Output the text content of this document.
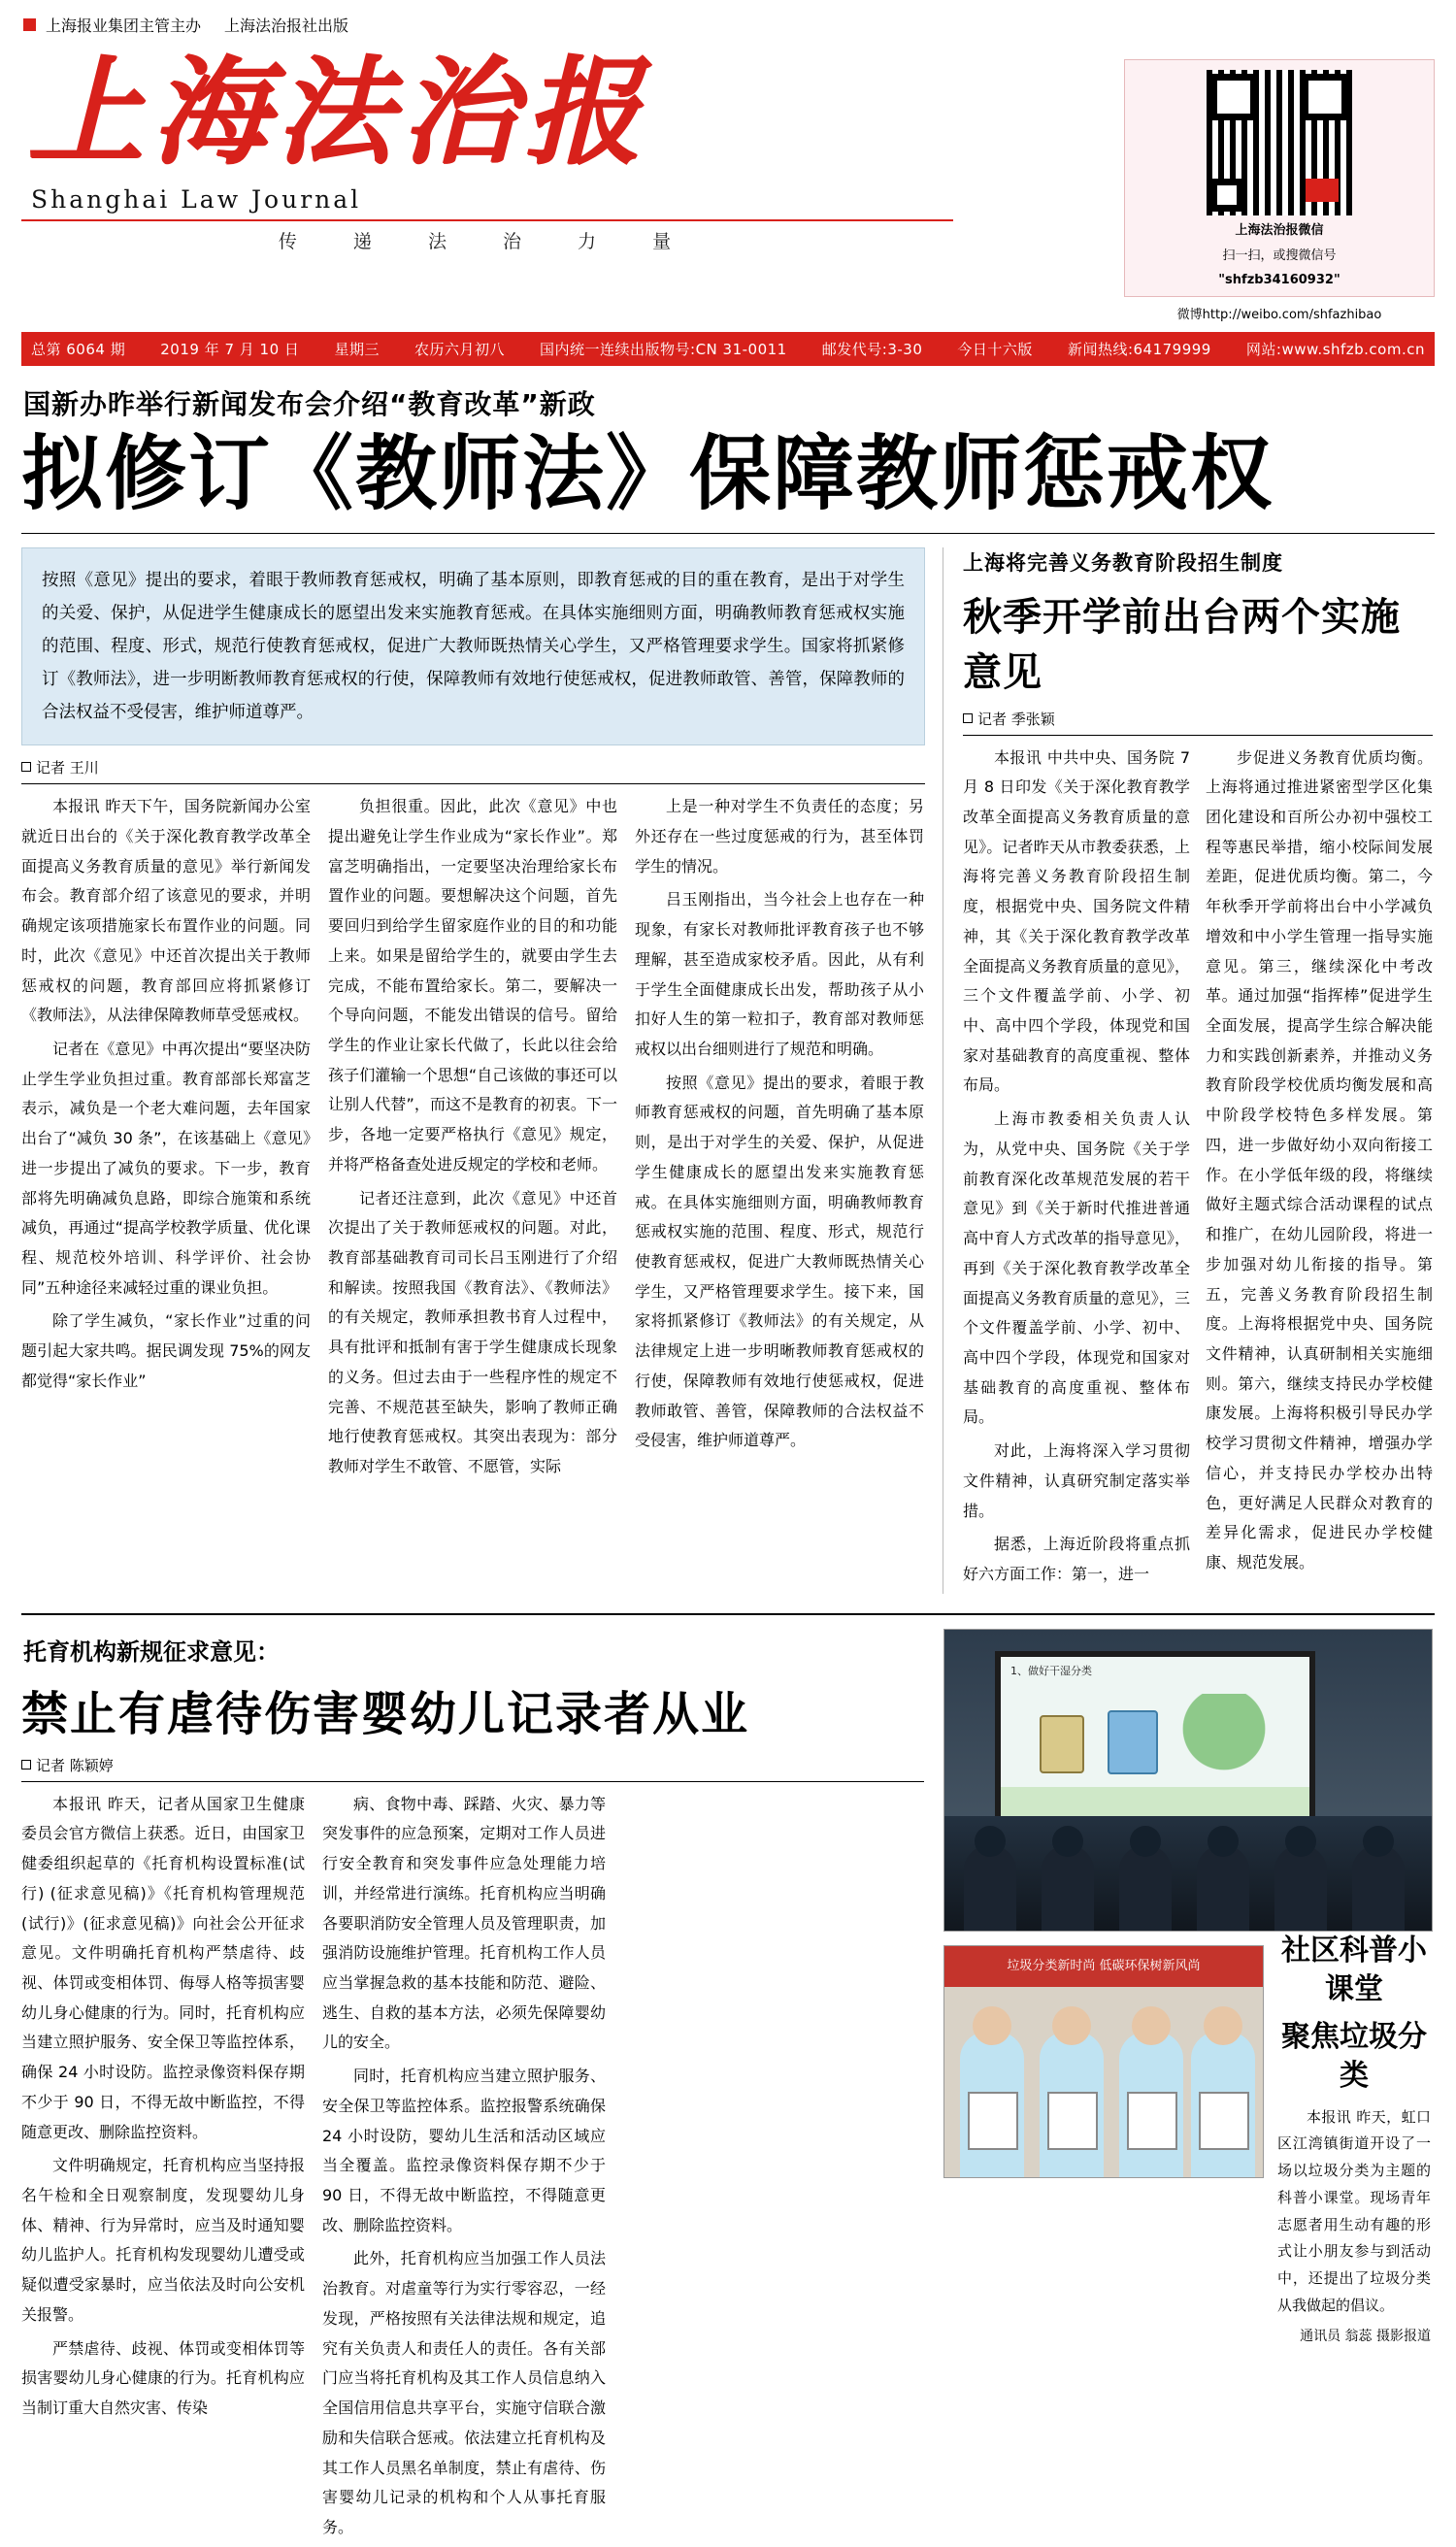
上海报业集团主管主办 上海法治报社出版
上海法治报
Shanghai Law Journal
传 递 法 治 力 量
上海法治报微信
扫一扫，或搜微信号
"shfzb34160932"
微博http://weibo.com/shfazhibao
总第 6064 期 2019 年 7 月 10 日 星期三 农历六月初八 国内统一连续出版物号:CN 31-0011 邮发代号:3-30 今日十六版 新闻热线:64179999 网站:www.shfzb.com.cn
国新办昨举行新闻发布会介绍“教育改革”新政
拟修订《教师法》保障教师惩戒权
按照《意见》提出的要求，着眼于教师教育惩戒权，明确了基本原则，即教育惩戒的目的重在教育，是出于对学生的关爱、保护，从促进学生健康成长的愿望出发来实施教育惩戒。在具体实施细则方面，明确教师教育惩戒权实施的范围、程度、形式，规范行使教育惩戒权，促进广大教师既热情关心学生，又严格管理要求学生。国家将抓紧修订《教师法》，进一步明断教师教育惩戒权的行使，保障教师有效地行使惩戒权，促进教师敢管、善管，保障教师的合法权益不受侵害，维护师道尊严。
记者 王川

本报讯 昨天下午，国务院新闻办公室就近日出台的《关于深化教育教学改革全面提高义务教育质量的意见》举行新闻发布会。教育部介绍了该意见的要求，并明确规定该项措施家长布置作业的问题。同时，此次《意见》中还首次提出关于教师惩戒权的问题，教育部回应将抓紧修订《教师法》，从法律保障教师草受惩戒权。

记者在《意见》中再次提出“要坚决防止学生学业负担过重。教育部部长郑富芝表示，减负是一个老大难问题，去年国家出台了“减负 30 条”，在该基础上《意见》进一步提出了减负的要求。下一步，教育部将先明确减负息路，即综合施策和系统减负，再通过“提高学校教学质量、优化课程、规范校外培训、科学评价、社会协同”五种途径来减轻过重的课业负担。

除了学生减负，“家长作业”过重的问题引起大家共鸣。据民调发现 75%的网友都觉得“家长作业”

负担很重。因此，此次《意见》中也提出避免让学生作业成为“家长作业”。郑富芝明确指出，一定要坚决治理给家长布置作业的问题。要想解决这个问题，首先要回归到给学生留家庭作业的目的和功能上来。如果是留给学生的，就要由学生去完成，不能布置给家长。第二，要解决一个导向问题，不能发出错误的信号。留给学生的作业让家长代做了，长此以往会给孩子们灌输一个思想“自己该做的事还可以让别人代替”，而这不是教育的初衷。下一步，各地一定要严格执行《意见》规定，并将严格备查处进反规定的学校和老师。

记者还注意到，此次《意见》中还首次提出了关于教师惩戒权的问题。对此，教育部基础教育司司长吕玉刚进行了介绍和解读。按照我国《教育法》、《教师法》的有关规定，教师承担教书育人过程中，具有批评和抵制有害于学生健康成长现象的义务。但过去由于一些程序性的规定不完善、不规范甚至缺失，影响了教师正确地行使教育惩戒权。其突出表现为：部分教师对学生不敢管、不愿管，实际

上是一种对学生不负责任的态度；另外还存在一些过度惩戒的行为，甚至体罚学生的情况。

吕玉刚指出，当今社会上也存在一种现象，有家长对教师批评教育孩子也不够理解，甚至造成家校矛盾。因此，从有利于学生全面健康成长出发，帮助孩子从小扣好人生的第一粒扣子，教育部对教师惩戒权以出台细则进行了规范和明确。

按照《意见》提出的要求，着眼于教师教育惩戒权的问题，首先明确了基本原则，是出于对学生的关爱、保护，从促进学生健康成长的愿望出发来实施教育惩戒。在具体实施细则方面，明确教师教育惩戒权实施的范围、程度、形式，规范行使教育惩戒权，促进广大教师既热情关心学生，又严格管理要求学生。接下来，国家将抓紧修订《教师法》的有关规定，从法律规定上进一步明晰教师教育惩戒权的行使，保障教师有效地行使惩戒权，促进教师敢管、善管，保障教师的合法权益不受侵害，维护师道尊严。

上海将完善义务教育阶段招生制度
秋季开学前出台两个实施意见
记者 季张颖

本报讯 中共中央、国务院 7 月 8 日印发《关于深化教育教学改革全面提高义务教育质量的意见》。记者昨天从市教委获悉，上海将完善义务教育阶段招生制度，根据党中央、国务院文件精神，其《关于深化教育教学改革全面提高义务教育质量的意见》，三个文件覆盖学前、小学、初中、高中四个学段，体现党和国家对基础教育的高度重视、整体布局。

上海市教委相关负责人认为，从党中央、国务院《关于学前教育深化改革规范发展的若干意见》到《关于新时代推进普通高中育人方式改革的指导意见》，再到《关于深化教育教学改革全面提高义务教育质量的意见》，三个文件覆盖学前、小学、初中、高中四个学段，体现党和国家对基础教育的高度重视、整体布局。

对此，上海将深入学习贯彻文件精神，认真研究制定落实举措。

据悉，上海近阶段将重点抓好六方面工作：第一，进一

步促进义务教育优质均衡。上海将通过推进紧密型学区化集团化建设和百所公办初中强校工程等惠民举措，缩小校际间发展差距，促进优质均衡。第二，今年秋季开学前将出台中小学减负增效和中小学生管理一指导实施意见。第三，继续深化中考改革。通过加强“指挥棒”促进学生全面发展，提高学生综合解决能力和实践创新素养，并推动义务教育阶段学校优质均衡发展和高中阶段学校特色多样发展。第四，进一步做好幼小双向衔接工作。在小学低年级的段，将继续做好主题式综合活动课程的试点和推广，在幼儿园阶段，将进一步加强对幼儿衔接的指导。第五，完善义务教育阶段招生制度。上海将根据党中央、国务院文件精神，认真研制相关实施细则。第六，继续支持民办学校健康发展。上海将积极引导民办学校学习贯彻文件精神，增强办学信心，并支持民办学校办出特色，更好满足人民群众对教育的差异化需求，促进民办学校健康、规范发展。

托育机构新规征求意见：
禁止有虐待伤害婴幼儿记录者从业
记者 陈颖婷

本报讯 昨天，记者从国家卫生健康委员会官方微信上获悉。近日，由国家卫健委组织起草的《托育机构设置标准(试行) (征求意见稿)》《托育机构管理规范(试行)》(征求意见稿)》向社会公开征求意见。文件明确托育机构严禁虐待、歧视、体罚或变相体罚、侮辱人格等损害婴幼儿身心健康的行为。同时，托育机构应当建立照护服务、安全保卫等监控体系，确保 24 小时设防。监控录像资料保存期不少于 90 日，不得无故中断监控，不得随意更改、删除监控资料。

文件明确规定，托育机构应当坚持报名午检和全日观察制度，发现婴幼儿身体、精神、行为异常时，应当及时通知婴幼儿监护人。托育机构发现婴幼儿遭受或疑似遭受家暴时，应当依法及时向公安机关报警。

严禁虐待、歧视、体罚或变相体罚等损害婴幼儿身心健康的行为。托育机构应当制订重大自然灾害、传染

病、食物中毒、踩踏、火灾、暴力等突发事件的应急预案，定期对工作人员进行安全教育和突发事件应急处理能力培训，并经常进行演练。托育机构应当明确各要职消防安全管理人员及管理职责，加强消防设施维护管理。托育机构工作人员应当掌握急救的基本技能和防范、避险、逃生、自救的基本方法，必须先保障婴幼儿的安全。

同时，托育机构应当建立照护服务、安全保卫等监控体系。监控报警系统确保 24 小时设防，婴幼儿生活和活动区域应当全覆盖。监控录像资料保存期不少于 90 日，不得无故中断监控，不得随意更改、删除监控资料。

此外，托育机构应当加强工作人员法治教育。对虐童等行为实行零容忍，一经发现，严格按照有关法律法规和规定，追究有关负责人和责任人的责任。各有关部门应当将托育机构及其工作人员信息纳入全国信用信息共享平台，实施守信联合激励和失信联合惩戒。依法建立托育机构及其工作人员黑名单制度，禁止有虐待、伤害婴幼儿记录的机构和个人从事托育服务。

1、做好干湿分类
垃圾分类新时尚 低碳环保树新风尚	社区科普小课堂
聚焦垃圾分类

本报讯 昨天，虹口区江湾镇街道开设了一场以垃圾分类为主题的科普小课堂。现场青年志愿者用生动有趣的形式让小朋友参与到活动中，还提出了垃圾分类从我做起的倡议。

通讯员 翁蕊 摄影报道
